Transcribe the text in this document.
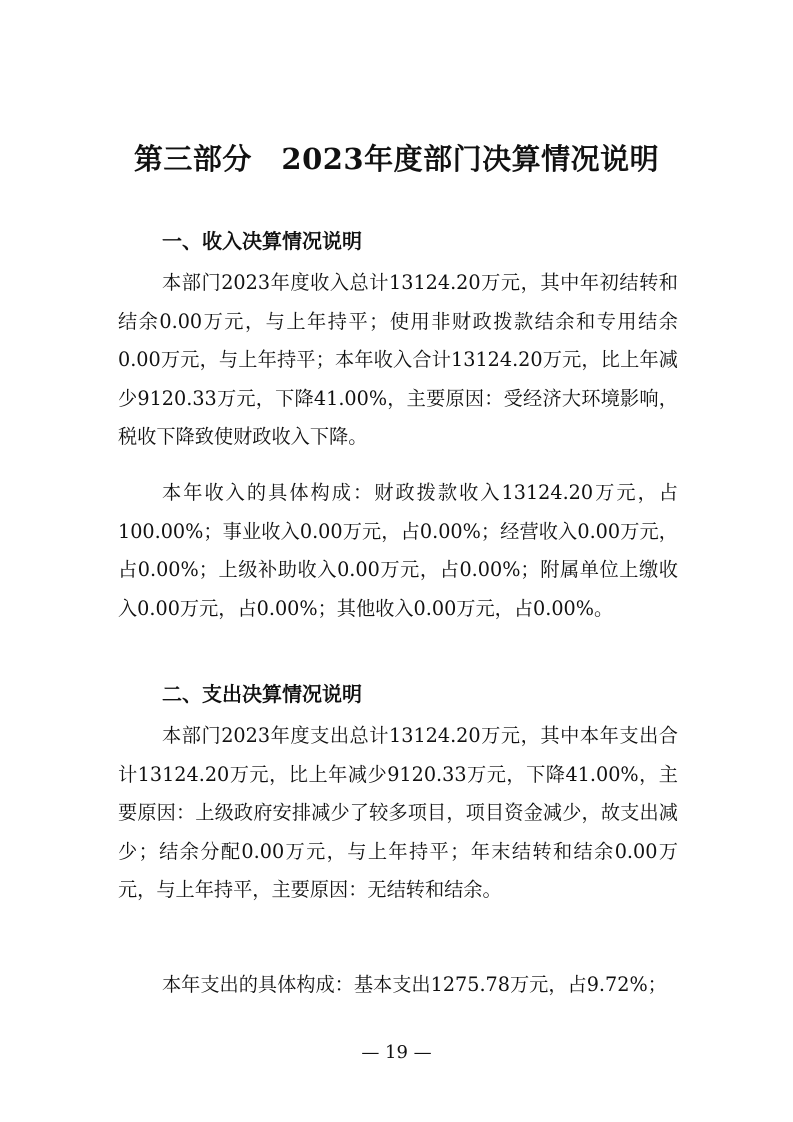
第三部分　2023年度部门决算情况说明
一、收入决算情况说明

本部门2023年度收入总计13124.20万元，其中年初结转和结余0.00万元，与上年持平；使用非财政拨款结余和专用结余0.00万元，与上年持平；本年收入合计13124.20万元，比上年减少9120.33万元，下降41.00%，主要原因：受经济大环境影响，税收下降致使财政收入下降。

本年收入的具体构成：财政拨款收入13124.20万元，占100.00%；事业收入0.00万元，占0.00%；经营收入0.00万元，占0.00%；上级补助收入0.00万元，占0.00%；附属单位上缴收入0.00万元，占0.00%；其他收入0.00万元，占0.00%。

二、支出决算情况说明

本部门2023年度支出总计13124.20万元，其中本年支出合计13124.20万元，比上年减少9120.33万元，下降41.00%，主要原因：上级政府安排减少了较多项目，项目资金减少，故支出减少；结余分配0.00万元，与上年持平；年末结转和结余0.00万元，与上年持平，主要原因：无结转和结余。

本年支出的具体构成：基本支出1275.78万元，占9.72%；

— 19 —
